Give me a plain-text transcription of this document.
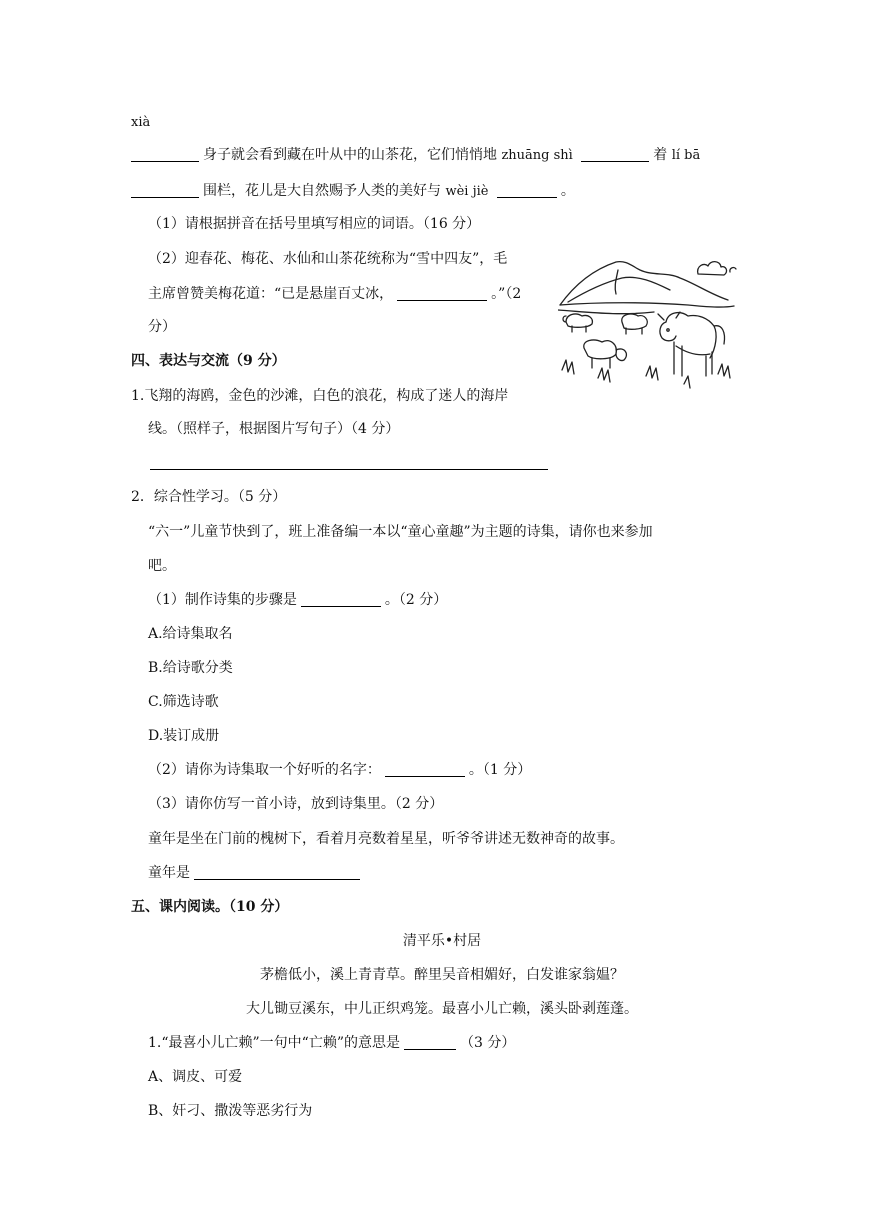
xià
身子就会看到藏在叶从中的山茶花，它们悄悄地 zhuāng shì	着 lí bā
围栏，花儿是大自然赐予人类的美好与 wèi jiè	。
（1）请根据拼音在括号里填写相应的词语。（16 分）
（2）迎春花、梅花、水仙和山茶花统称为“雪中四友”，毛
主席曾赞美梅花道：“已是悬崖百丈冰，	。”（2
分）
四、表达与交流（9 分）
1.飞翔的海鸥，金色的沙滩，白色的浪花，构成了迷人的海岸
线。（照样子，根据图片写句子）（4 分）
2．综合性学习。（5 分）
“六一”儿童节快到了，班上准备编一本以“童心童趣”为主题的诗集，请你也来参加
吧。
（1）制作诗集的步骤是	。（2 分）
A.给诗集取名
B.给诗歌分类
C.筛选诗歌
D.装订成册
（2）请你为诗集取一个好听的名字：	。（1 分）
（3）请你仿写一首小诗，放到诗集里。（2 分）
童年是坐在门前的槐树下，看着月亮数着星星，听爷爷讲述无数神奇的故事。
童年是
五、课内阅读。（10 分）
清平乐•村居
茅檐低小，溪上青青草。醉里吴音相媚好，白发谁家翁媪？
大儿锄豆溪东，中儿正织鸡笼。最喜小儿亡赖，溪头卧剥莲蓬。
1.“最喜小儿亡赖”一句中“亡赖”的意思是	（3 分）
A、调皮、可爱
B、奸刁、撒泼等恶劣行为
